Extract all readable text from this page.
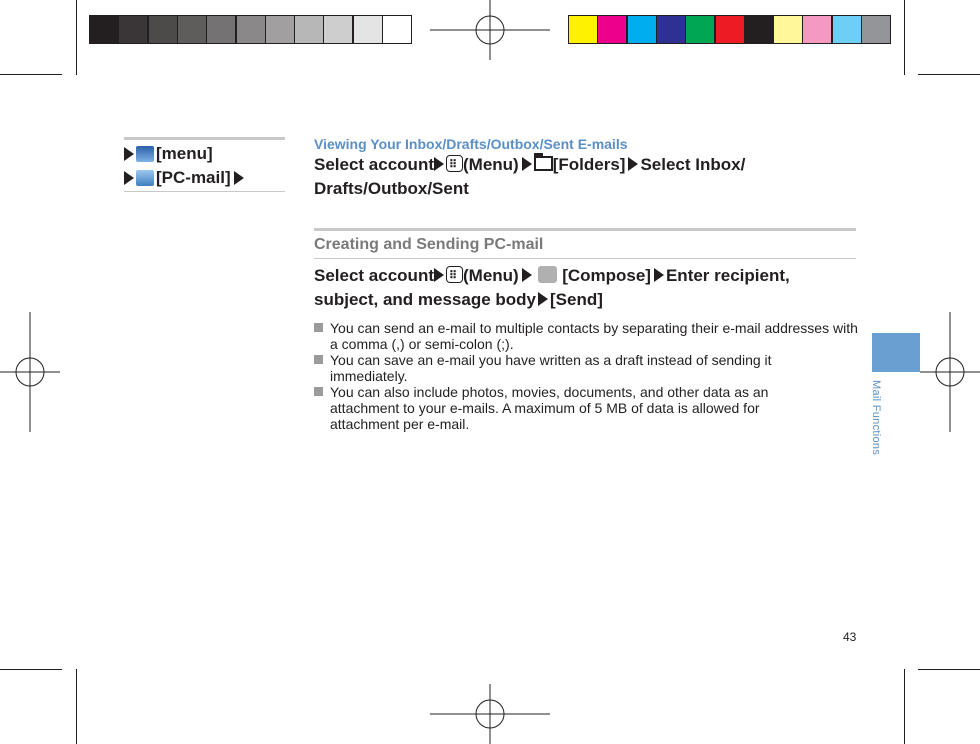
[menu]
[PC-mail]
Viewing Your Inbox/Drafts/Outbox/Sent E-mails
Select account ⠿ (Menu) [Folders] Select Inbox/
Drafts/Outbox/Sent
Creating and Sending PC-mail
Select account ⠿ (Menu)	[Compose] Enter recipient,
subject, and message body [Send]
You can send an e-mail to multiple contacts by separating their e-mail addresses with a comma (,) or semi-colon (;).
You can save an e-mail you have written as a draft instead of sending it immediately.
You can also include photos, movies, documents, and other data as an attachment to your e-mails. A maximum of 5 MB of data is allowed for attachment per e-mail.	Mail Functions
43
